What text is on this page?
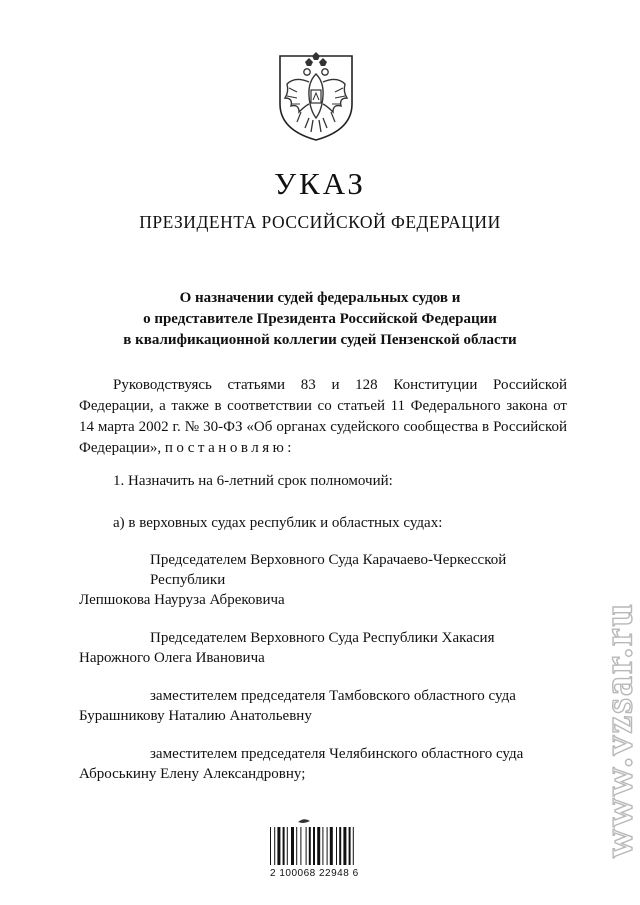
УКАЗ
ПРЕЗИДЕНТА РОССИЙСКОЙ ФЕДЕРАЦИИ
О назначении судей федеральных судов и
о представителе Президента Российской Федерации
в квалификационной коллегии судей Пензенской области
Руководствуясь статьями 83 и 128 Конституции Российской Федерации, а также в соответствии со статьей 11 Федерального закона от 14 марта 2002 г. № 30-ФЗ «Об органах судейского сообщества в Российской Федерации», постановляю:
1. Назначить на 6-летний срок полномочий:
а) в верховных судах республик и областных судах:
Председателем Верховного Суда Карачаево-Черкесской
Республики
Лепшокова Науруза Абрековича
Председателем Верховного Суда Республики Хакасия
Нарожного Олега Ивановича
заместителем председателя Тамбовского областного суда
Бурашникову Наталию Анатольевну
заместителем председателя Челябинского областного суда
Аброськину Елену Александровну;
2 100068 22948 6
www.vzsar.ru
